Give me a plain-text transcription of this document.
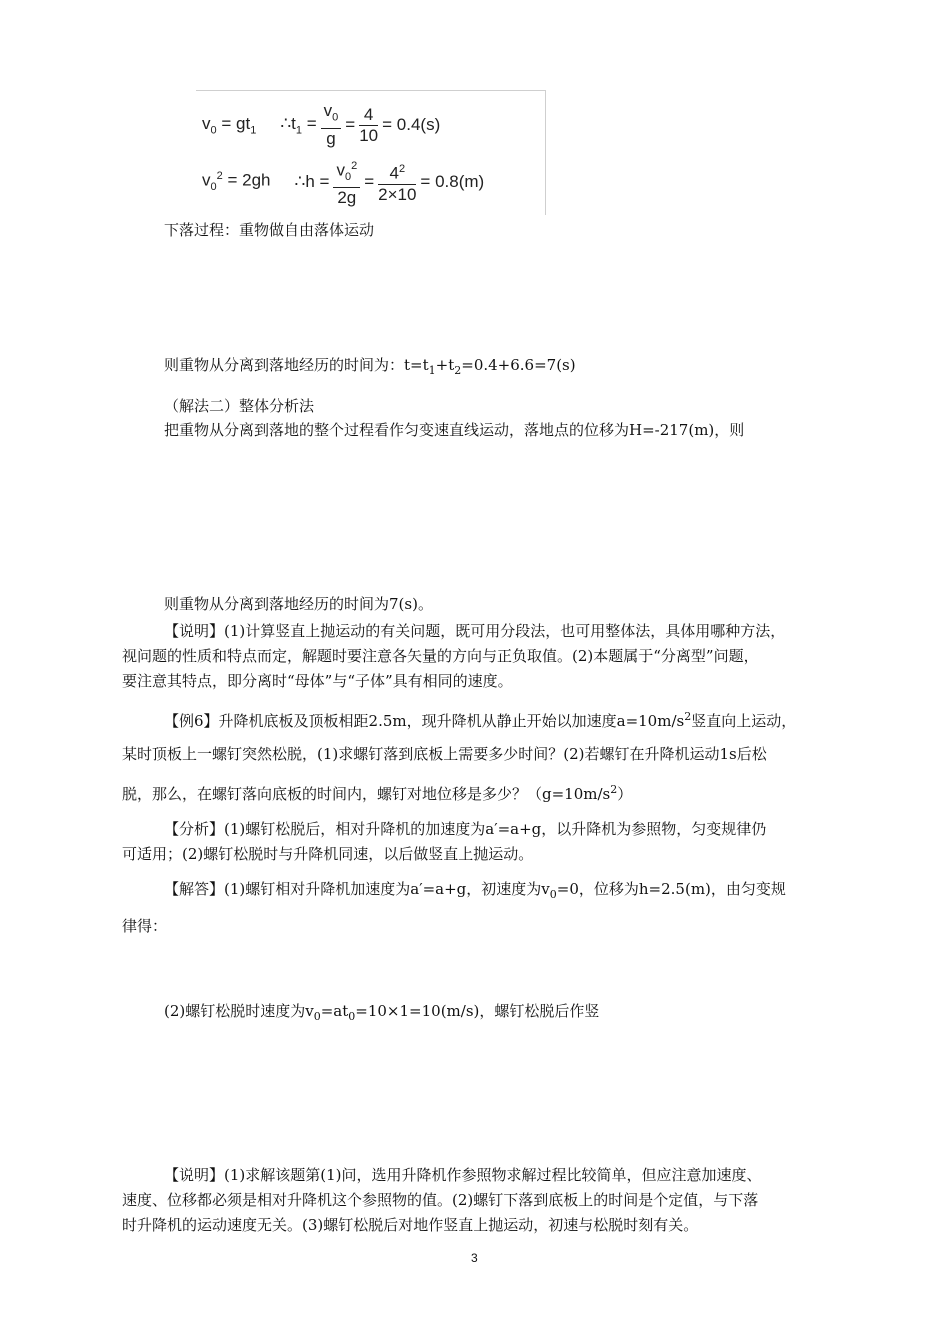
$v_0 = gt_1$ $\therefore t_1 = \frac{v_0}{g} = \frac{4}{10} = 0.4(s)$
$v_0^2 = 2gh$ ∴h = $\frac{v_0^2}{2g} = \frac{4^2}{2\times 10} = 0.8(m)$
下落过程：重物做自由落体运动
则重物从分离到落地经历的时间为：$t=t_1+t_2=0.4+6.6=7(s)$
（解法二）整体分析法
把重物从分离到落地的整个过程看作匀变速直线运动，落地点的位移为H=-217(m)，则
则重物从分离到落地经历的时间为7(s)。
【说明】(1)计算竖直上抛运动的有关问题，既可用分段法，也可用整体法，具体用哪种方法，
视问题的性质和特点而定，解题时要注意各矢量的方向与正负取值。(2)本题属于“分离型”问题，
要注意其特点，即分离时“母体”与“子体”具有相同的速度。
【例6】升降机底板及顶板相距2.5m，现升降机从静止开始以加速度$a=10m/s^2$竖直向上运动，
某时顶板上一螺钉突然松脱，(1)求螺钉落到底板上需要多少时间？(2)若螺钉在升降机运动1s后松
脱，那么，在螺钉落向底板的时间内，螺钉对地位移是多少？$(g=10m/s^2)$
【分析】(1)螺钉松脱后，相对升降机的加速度为a′=a+g，以升降机为参照物，匀变规律仍
可适用；(2)螺钉松脱时与升降机同速，以后做竖直上抛运动。
【解答】(1)螺钉相对升降机加速度为a′=a+g，初速度为$v_0=0$，位移为h=2.5(m)，由匀变规
律得：
(2)螺钉松脱时速度为$v_0=at_0=10\times 1=10(m/s)$，螺钉松脱后作竖
【说明】(1)求解该题第(1)问，选用升降机作参照物求解过程比较简单，但应注意加速度、
速度、位移都必须是相对升降机这个参照物的值。(2)螺钉下落到底板上的时间是个定值，与下落
时升降机的运动速度无关。(3)螺钉松脱后对地作竖直上抛运动，初速与松脱时刻有关。
3
